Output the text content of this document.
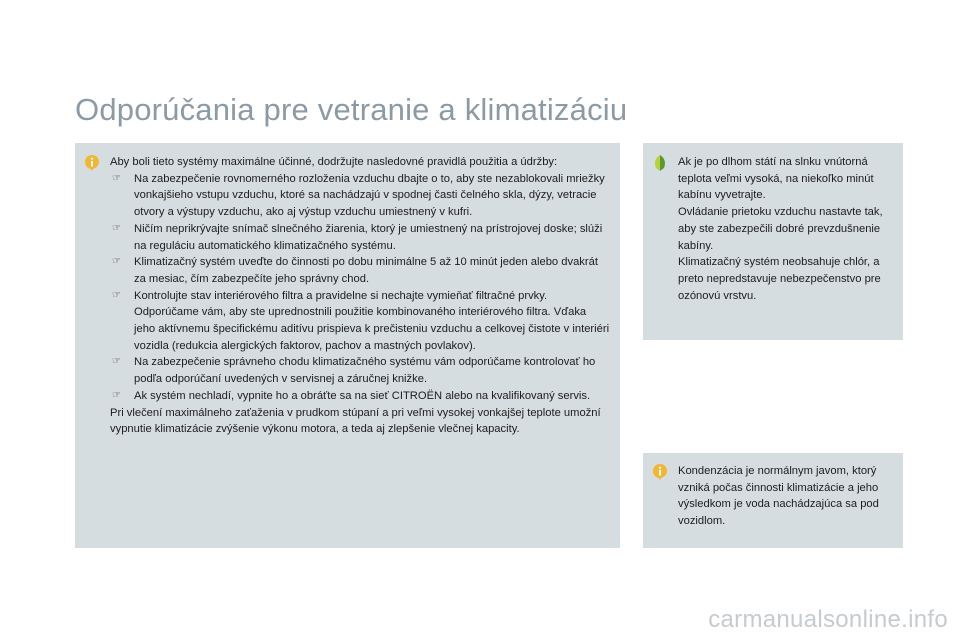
Odporúčania pre vetranie a klimatizáciu

Aby boli tieto systémy maximálne účinné, dodržujte nasledovné pravidlá použitia a údržby:

☞ Na zabezpečenie rovnomerného rozloženia vzduchu dbajte o to, aby ste nezablokovali mriežky vonkajšieho vstupu vzduchu, ktoré sa nachádzajú v spodnej časti čelného skla, dýzy, vetracie otvory a výstupy vzduchu, ako aj výstup vzduchu umiestnený v kufri.
☞ Ničím neprikrývajte snímač slnečného žiarenia, ktorý je umiestnený na prístrojovej doske; slúži na reguláciu automatického klimatizačného systému.
☞ Klimatizačný systém uveďte do činnosti po dobu minimálne 5 až 10 minút jeden alebo dvakrát za mesiac, čím zabezpečíte jeho správny chod.
☞ Kontrolujte stav interiérového filtra a pravidelne si nechajte vymieňať filtračné prvky. Odporúčame vám, aby ste uprednostnili použitie kombinovaného interiérového filtra. Vďaka jeho aktívnemu špecifickému aditívu prispieva k prečisteniu vzduchu a celkovej čistote v interiéri vozidla (redukcia alergických faktorov, pachov a mastných povlakov).
☞ Na zabezpečenie správneho chodu klimatizačného systému vám odporúčame kontrolovať ho podľa odporúčaní uvedených v servisnej a záručnej knižke.
☞ Ak systém nechladí, vypnite ho a obráťte sa na sieť CITROËN alebo na kvalifikovaný servis.

Pri vlečení maximálneho zaťaženia v prudkom stúpaní a pri veľmi vysokej vonkajšej teplote umožní vypnutie klimatizácie zvýšenie výkonu motora, a teda aj zlepšenie vlečnej kapacity.

Ak je po dlhom státí na slnku vnútorná teplota veľmi vysoká, na niekoľko minút kabínu vyvetrajte.

Ovládanie prietoku vzduchu nastavte tak, aby ste zabezpečili dobré prevzdušnenie kabíny.

Klimatizačný systém neobsahuje chlór, a preto nepredstavuje nebezpečenstvo pre ozónovú vrstvu.

Kondenzácia je normálnym javom, ktorý vzniká počas činnosti klimatizácie a jeho výsledkom je voda nachádzajúca sa pod vozidlom.

carmanualsonline.info
